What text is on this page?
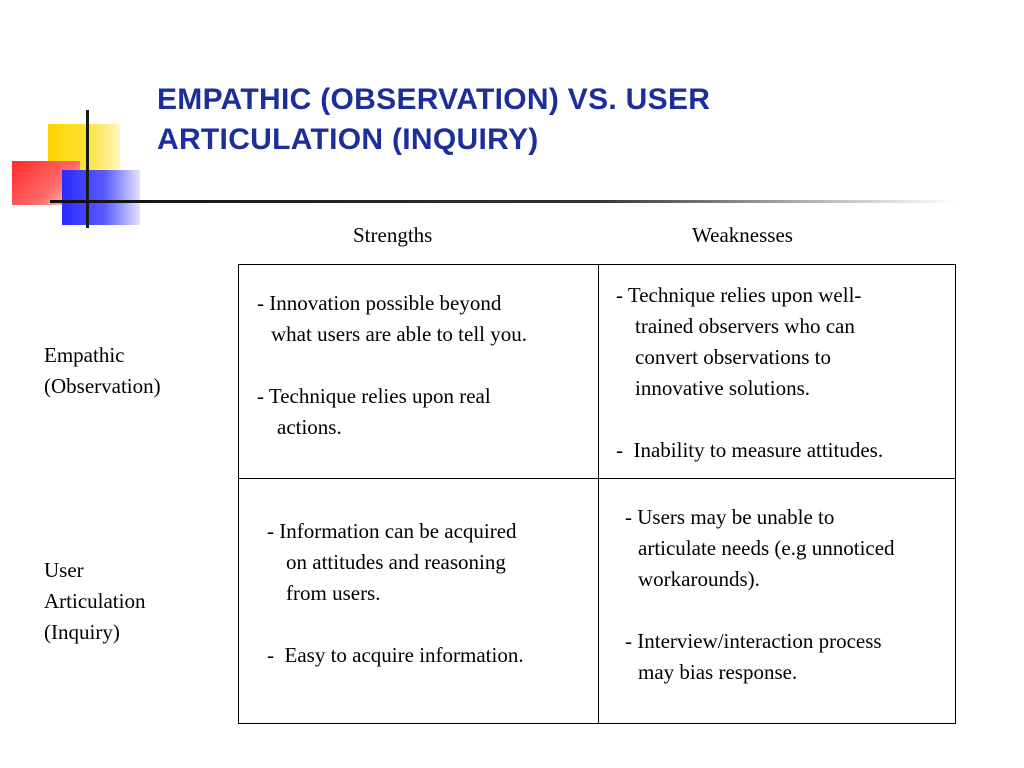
EMPATHIC (OBSERVATION) VS. USER
ARTICULATION (INQUIRY)
Strengths	Weaknesses
Empathic
(Observation)
User
Articulation
(Inquiry)
- Innovation possible beyond
what users are able to tell you.
- Technique relies upon real
actions.
- Technique relies upon well-
trained observers who can
convert observations to
innovative solutions.
-  Inability to measure attitudes.
- Information can be acquired
on attitudes and reasoning
from users.
-  Easy to acquire information.
- Users may be unable to
articulate needs (e.g unnoticed
workarounds).
- Interview/interaction process
may bias response.
